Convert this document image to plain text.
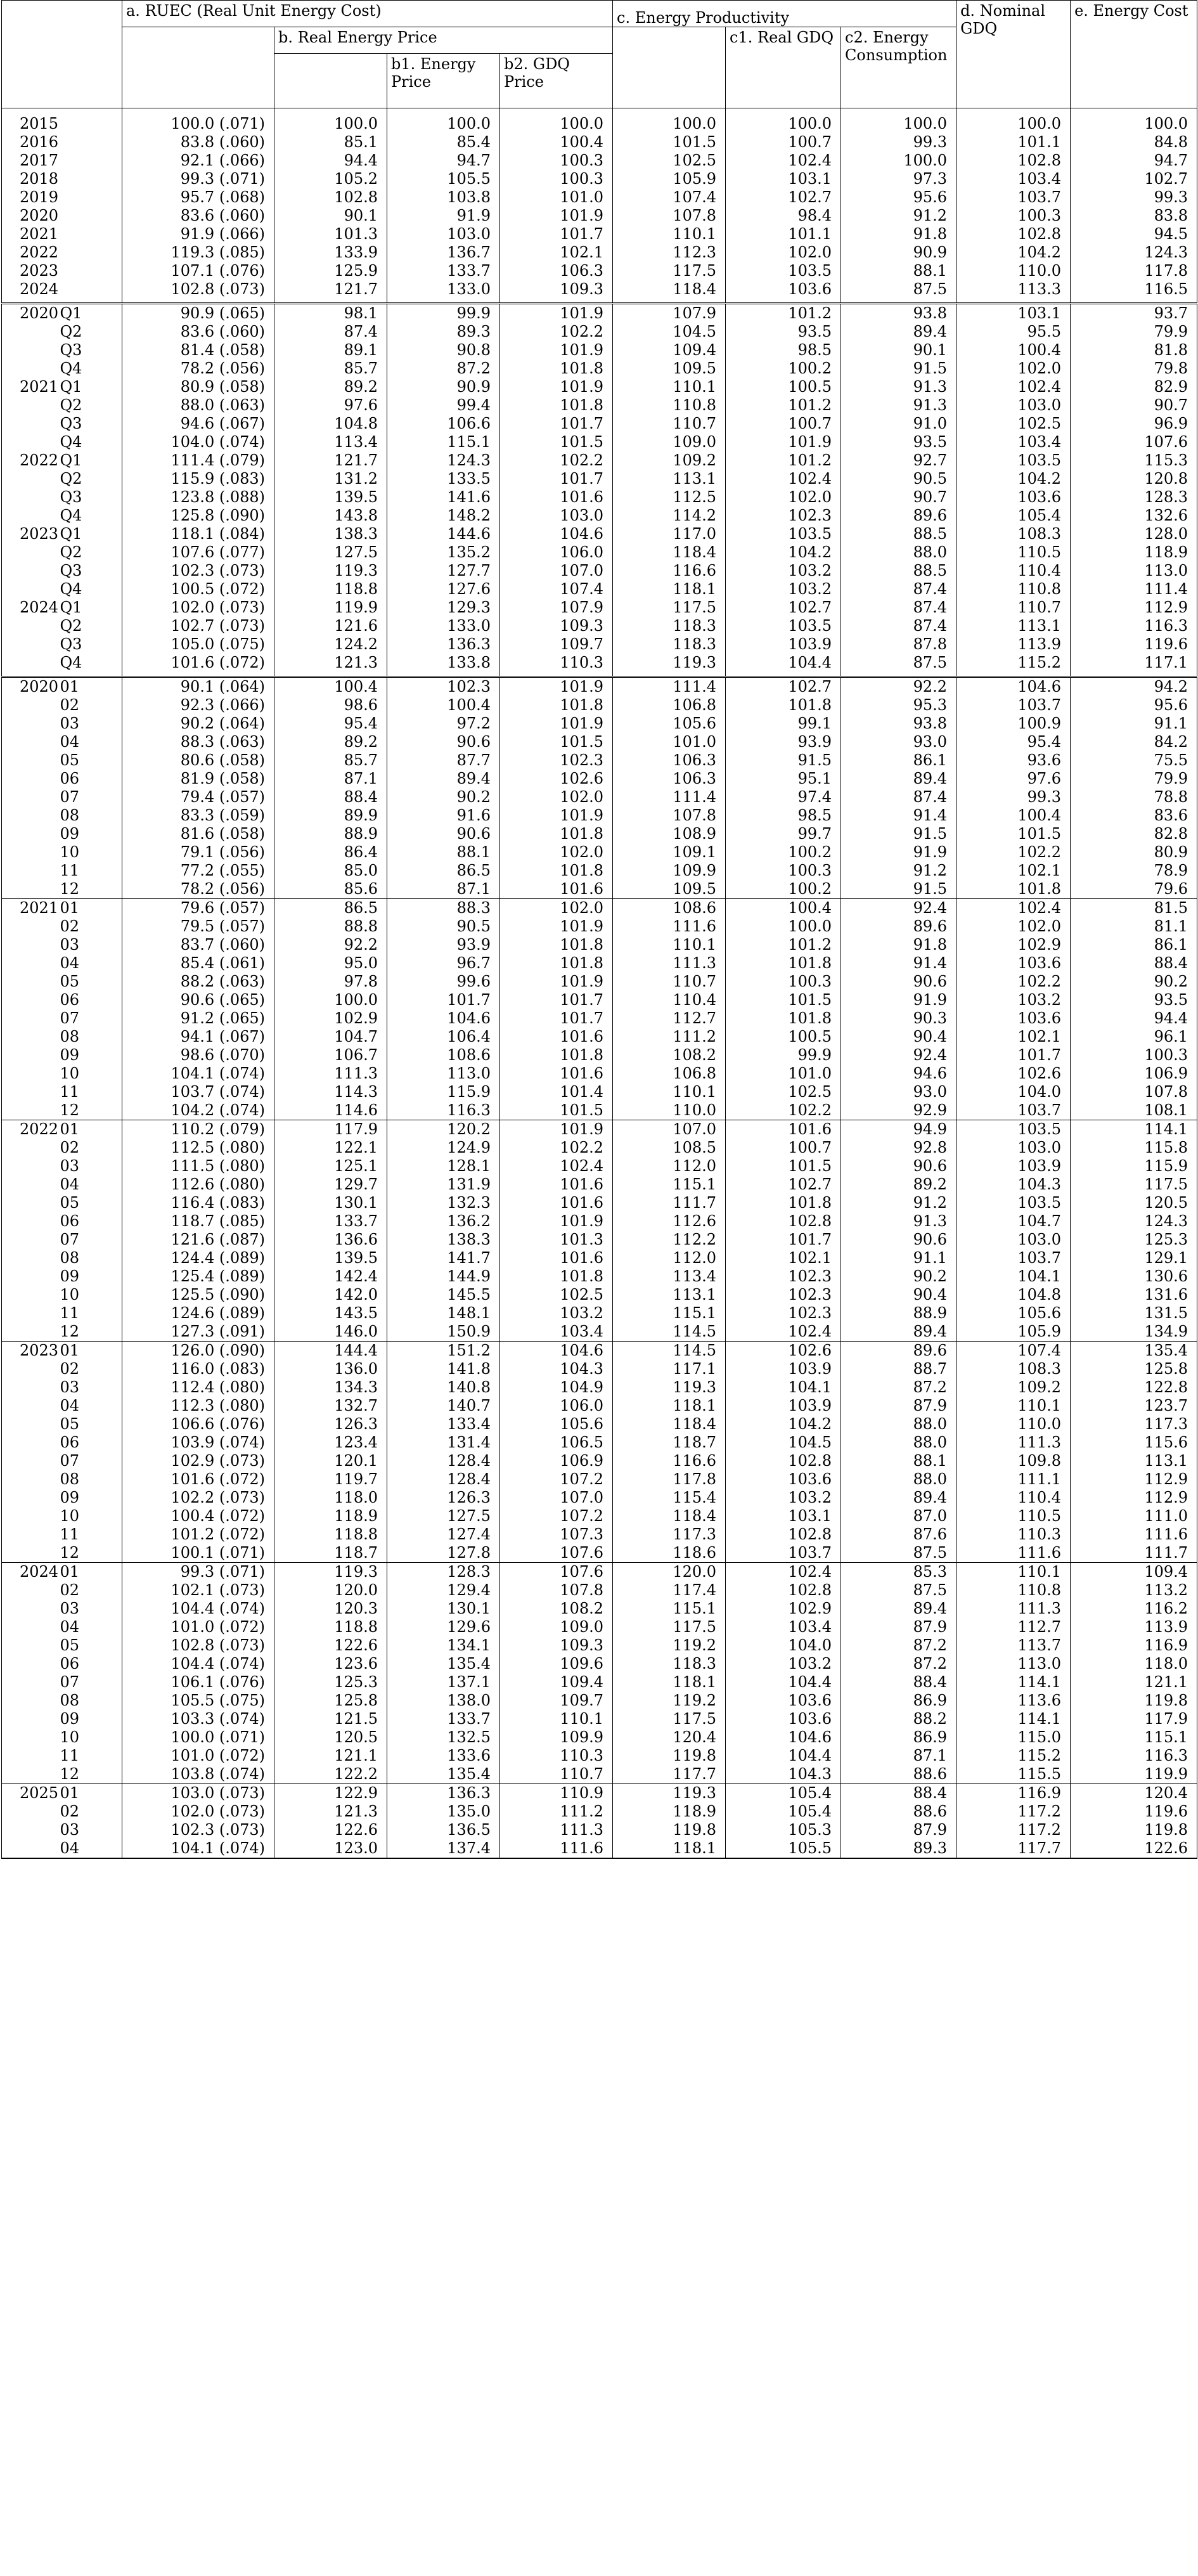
		a. RUEC (Real Unit Energy Cost)				c. Energy Productivity			d. Nominal GDQ	e. Energy Cost
			b. Real Energy Price				c1. Real GDQ	c2. Energy Consumption		
				b1. Energy Price	b2. GDQ Price					

2015		100.0 (.071)	100.0	100.0	100.0	100.0	100.0	100.0	100.0	100.0
2016		83.8 (.060)	85.1	85.4	100.4	101.5	100.7	99.3	101.1	84.8
2017		92.1 (.066)	94.4	94.7	100.3	102.5	102.4	100.0	102.8	94.7
2018		99.3 (.071)	105.2	105.5	100.3	105.9	103.1	97.3	103.4	102.7
2019		95.7 (.068)	102.8	103.8	101.0	107.4	102.7	95.6	103.7	99.3
2020		83.6 (.060)	90.1	91.9	101.9	107.8	98.4	91.2	100.3	83.8
2021		91.9 (.066)	101.3	103.0	101.7	110.1	101.1	91.8	102.8	94.5
2022		119.3 (.085)	133.9	136.7	102.1	112.3	102.0	90.9	104.2	124.3
2023		107.1 (.076)	125.9	133.7	106.3	117.5	103.5	88.1	110.0	117.8
2024		102.8 (.073)	121.7	133.0	109.3	118.4	103.6	87.5	113.3	116.5

2020	Q1	90.9 (.065)	98.1	99.9	101.9	107.9	101.2	93.8	103.1	93.7
	Q2	83.6 (.060)	87.4	89.3	102.2	104.5	93.5	89.4	95.5	79.9
	Q3	81.4 (.058)	89.1	90.8	101.9	109.4	98.5	90.1	100.4	81.8
	Q4	78.2 (.056)	85.7	87.2	101.8	109.5	100.2	91.5	102.0	79.8
2021	Q1	80.9 (.058)	89.2	90.9	101.9	110.1	100.5	91.3	102.4	82.9
	Q2	88.0 (.063)	97.6	99.4	101.8	110.8	101.2	91.3	103.0	90.7
	Q3	94.6 (.067)	104.8	106.6	101.7	110.7	100.7	91.0	102.5	96.9
	Q4	104.0 (.074)	113.4	115.1	101.5	109.0	101.9	93.5	103.4	107.6
2022	Q1	111.4 (.079)	121.7	124.3	102.2	109.2	101.2	92.7	103.5	115.3
	Q2	115.9 (.083)	131.2	133.5	101.7	113.1	102.4	90.5	104.2	120.8
	Q3	123.8 (.088)	139.5	141.6	101.6	112.5	102.0	90.7	103.6	128.3
	Q4	125.8 (.090)	143.8	148.2	103.0	114.2	102.3	89.6	105.4	132.6
2023	Q1	118.1 (.084)	138.3	144.6	104.6	117.0	103.5	88.5	108.3	128.0
	Q2	107.6 (.077)	127.5	135.2	106.0	118.4	104.2	88.0	110.5	118.9
	Q3	102.3 (.073)	119.3	127.7	107.0	116.6	103.2	88.5	110.4	113.0
	Q4	100.5 (.072)	118.8	127.6	107.4	118.1	103.2	87.4	110.8	111.4
2024	Q1	102.0 (.073)	119.9	129.3	107.9	117.5	102.7	87.4	110.7	112.9
	Q2	102.7 (.073)	121.6	133.0	109.3	118.3	103.5	87.4	113.1	116.3
	Q3	105.0 (.075)	124.2	136.3	109.7	118.3	103.9	87.8	113.9	119.6
	Q4	101.6 (.072)	121.3	133.8	110.3	119.3	104.4	87.5	115.2	117.1

2020	01	90.1 (.064)	100.4	102.3	101.9	111.4	102.7	92.2	104.6	94.2
	02	92.3 (.066)	98.6	100.4	101.8	106.8	101.8	95.3	103.7	95.6
	03	90.2 (.064)	95.4	97.2	101.9	105.6	99.1	93.8	100.9	91.1
	04	88.3 (.063)	89.2	90.6	101.5	101.0	93.9	93.0	95.4	84.2
	05	80.6 (.058)	85.7	87.7	102.3	106.3	91.5	86.1	93.6	75.5
	06	81.9 (.058)	87.1	89.4	102.6	106.3	95.1	89.4	97.6	79.9
	07	79.4 (.057)	88.4	90.2	102.0	111.4	97.4	87.4	99.3	78.8
	08	83.3 (.059)	89.9	91.6	101.9	107.8	98.5	91.4	100.4	83.6
	09	81.6 (.058)	88.9	90.6	101.8	108.9	99.7	91.5	101.5	82.8
	10	79.1 (.056)	86.4	88.1	102.0	109.1	100.2	91.9	102.2	80.9
	11	77.2 (.055)	85.0	86.5	101.8	109.9	100.3	91.2	102.1	78.9
	12	78.2 (.056)	85.6	87.1	101.6	109.5	100.2	91.5	101.8	79.6
2021	01	79.6 (.057)	86.5	88.3	102.0	108.6	100.4	92.4	102.4	81.5
	02	79.5 (.057)	88.8	90.5	101.9	111.6	100.0	89.6	102.0	81.1
	03	83.7 (.060)	92.2	93.9	101.8	110.1	101.2	91.8	102.9	86.1
	04	85.4 (.061)	95.0	96.7	101.8	111.3	101.8	91.4	103.6	88.4
	05	88.2 (.063)	97.8	99.6	101.9	110.7	100.3	90.6	102.2	90.2
	06	90.6 (.065)	100.0	101.7	101.7	110.4	101.5	91.9	103.2	93.5
	07	91.2 (.065)	102.9	104.6	101.7	112.7	101.8	90.3	103.6	94.4
	08	94.1 (.067)	104.7	106.4	101.6	111.2	100.5	90.4	102.1	96.1
	09	98.6 (.070)	106.7	108.6	101.8	108.2	99.9	92.4	101.7	100.3
	10	104.1 (.074)	111.3	113.0	101.6	106.8	101.0	94.6	102.6	106.9
	11	103.7 (.074)	114.3	115.9	101.4	110.1	102.5	93.0	104.0	107.8
	12	104.2 (.074)	114.6	116.3	101.5	110.0	102.2	92.9	103.7	108.1
2022	01	110.2 (.079)	117.9	120.2	101.9	107.0	101.6	94.9	103.5	114.1
	02	112.5 (.080)	122.1	124.9	102.2	108.5	100.7	92.8	103.0	115.8
	03	111.5 (.080)	125.1	128.1	102.4	112.0	101.5	90.6	103.9	115.9
	04	112.6 (.080)	129.7	131.9	101.6	115.1	102.7	89.2	104.3	117.5
	05	116.4 (.083)	130.1	132.3	101.6	111.7	101.8	91.2	103.5	120.5
	06	118.7 (.085)	133.7	136.2	101.9	112.6	102.8	91.3	104.7	124.3
	07	121.6 (.087)	136.6	138.3	101.3	112.2	101.7	90.6	103.0	125.3
	08	124.4 (.089)	139.5	141.7	101.6	112.0	102.1	91.1	103.7	129.1
	09	125.4 (.089)	142.4	144.9	101.8	113.4	102.3	90.2	104.1	130.6
	10	125.5 (.090)	142.0	145.5	102.5	113.1	102.3	90.4	104.8	131.6
	11	124.6 (.089)	143.5	148.1	103.2	115.1	102.3	88.9	105.6	131.5
	12	127.3 (.091)	146.0	150.9	103.4	114.5	102.4	89.4	105.9	134.9
2023	01	126.0 (.090)	144.4	151.2	104.6	114.5	102.6	89.6	107.4	135.4
	02	116.0 (.083)	136.0	141.8	104.3	117.1	103.9	88.7	108.3	125.8
	03	112.4 (.080)	134.3	140.8	104.9	119.3	104.1	87.2	109.2	122.8
	04	112.3 (.080)	132.7	140.7	106.0	118.1	103.9	87.9	110.1	123.7
	05	106.6 (.076)	126.3	133.4	105.6	118.4	104.2	88.0	110.0	117.3
	06	103.9 (.074)	123.4	131.4	106.5	118.7	104.5	88.0	111.3	115.6
	07	102.9 (.073)	120.1	128.4	106.9	116.6	102.8	88.1	109.8	113.1
	08	101.6 (.072)	119.7	128.4	107.2	117.8	103.6	88.0	111.1	112.9
	09	102.2 (.073)	118.0	126.3	107.0	115.4	103.2	89.4	110.4	112.9
	10	100.4 (.072)	118.9	127.5	107.2	118.4	103.1	87.0	110.5	111.0
	11	101.2 (.072)	118.8	127.4	107.3	117.3	102.8	87.6	110.3	111.6
	12	100.1 (.071)	118.7	127.8	107.6	118.6	103.7	87.5	111.6	111.7
2024	01	99.3 (.071)	119.3	128.3	107.6	120.0	102.4	85.3	110.1	109.4
	02	102.1 (.073)	120.0	129.4	107.8	117.4	102.8	87.5	110.8	113.2
	03	104.4 (.074)	120.3	130.1	108.2	115.1	102.9	89.4	111.3	116.2
	04	101.0 (.072)	118.8	129.6	109.0	117.5	103.4	87.9	112.7	113.9
	05	102.8 (.073)	122.6	134.1	109.3	119.2	104.0	87.2	113.7	116.9
	06	104.4 (.074)	123.6	135.4	109.6	118.3	103.2	87.2	113.0	118.0
	07	106.1 (.076)	125.3	137.1	109.4	118.1	104.4	88.4	114.1	121.1
	08	105.5 (.075)	125.8	138.0	109.7	119.2	103.6	86.9	113.6	119.8
	09	103.3 (.074)	121.5	133.7	110.1	117.5	103.6	88.2	114.1	117.9
	10	100.0 (.071)	120.5	132.5	109.9	120.4	104.6	86.9	115.0	115.1
	11	101.0 (.072)	121.1	133.6	110.3	119.8	104.4	87.1	115.2	116.3
	12	103.8 (.074)	122.2	135.4	110.7	117.7	104.3	88.6	115.5	119.9
2025	01	103.0 (.073)	122.9	136.3	110.9	119.3	105.4	88.4	116.9	120.4
	02	102.0 (.073)	121.3	135.0	111.2	118.9	105.4	88.6	117.2	119.6
	03	102.3 (.073)	122.6	136.5	111.3	119.8	105.3	87.9	117.2	119.8
	04	104.1 (.074)	123.0	137.4	111.6	118.1	105.5	89.3	117.7	122.6
